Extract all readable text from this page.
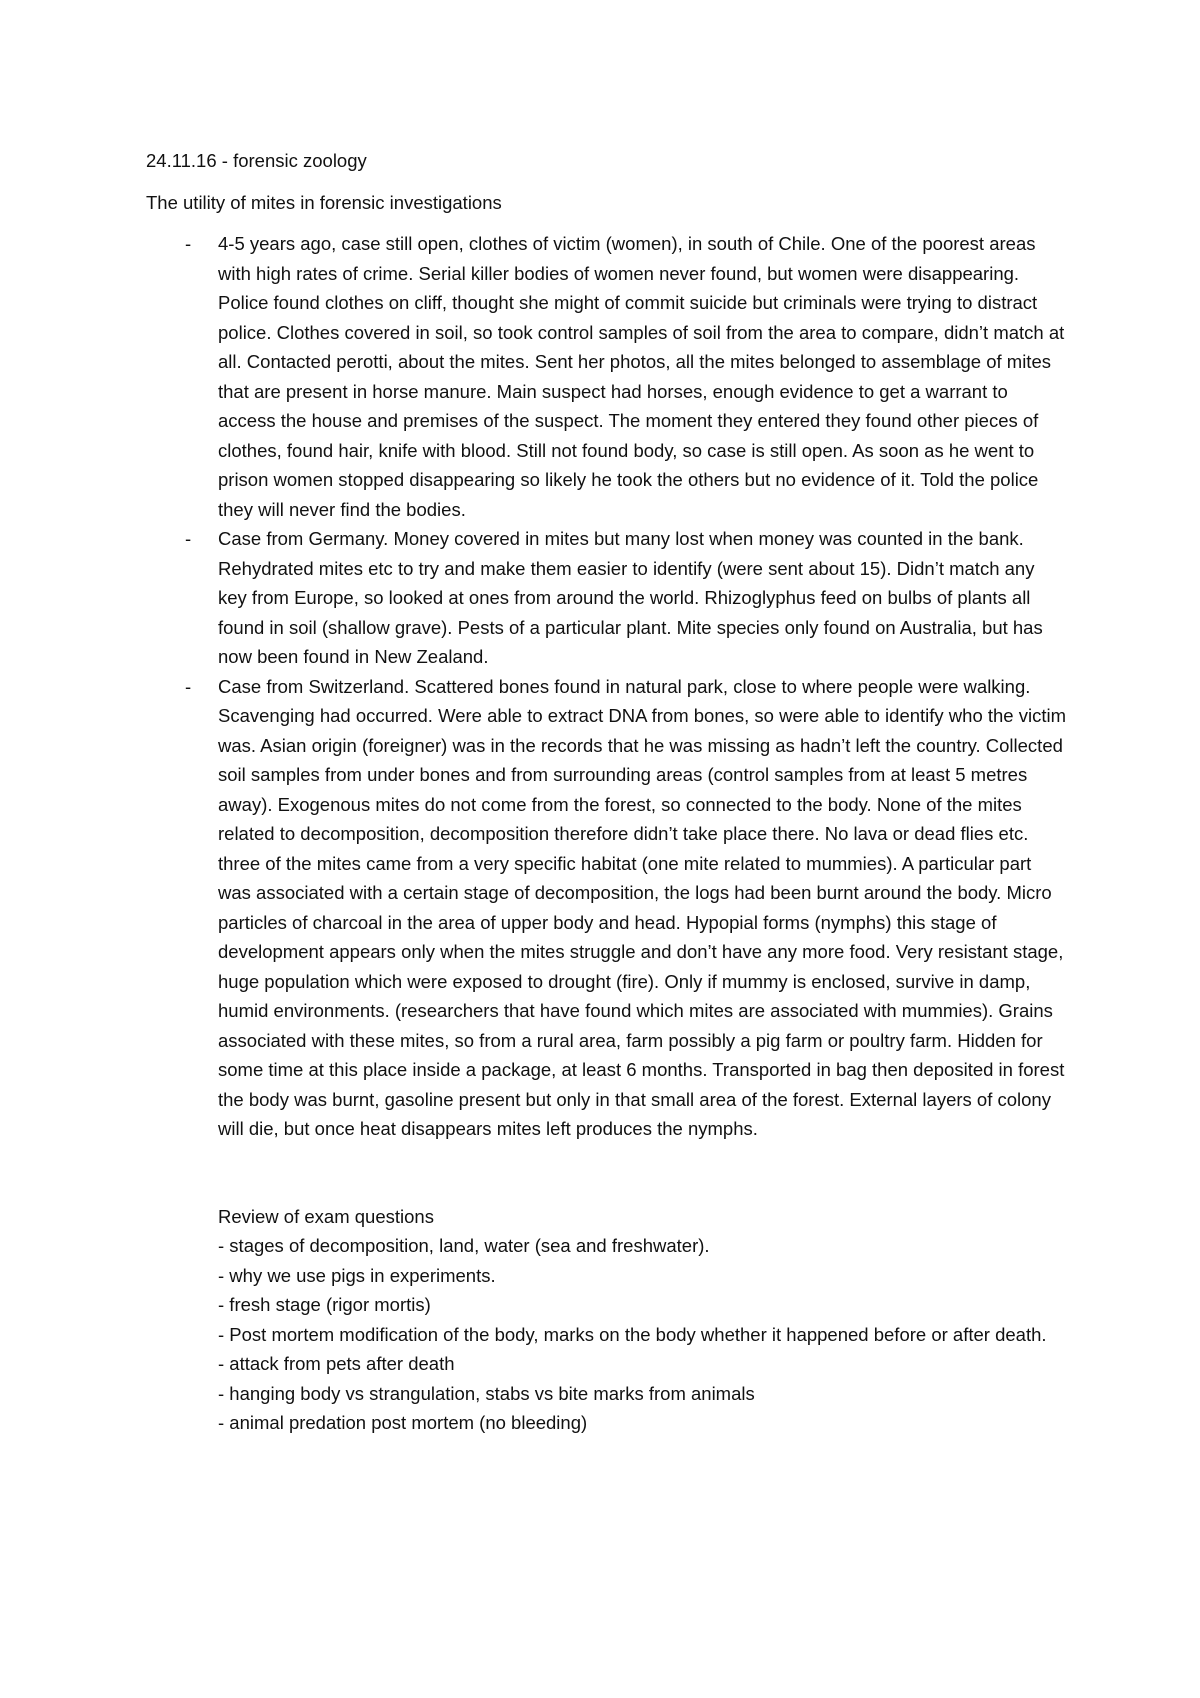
24.11.16 - forensic zoology

The utility of mites in forensic investigations

- 4-5 years ago, case still open, clothes of victim (women), in south of Chile. One of the poorest areas with high rates of crime. Serial killer bodies of women never found, but women were disappearing. Police found clothes on cliff, thought she might of commit suicide but criminals were trying to distract police. Clothes covered in soil, so took control samples of soil from the area to compare, didn’t match at all. Contacted perotti, about the mites. Sent her photos, all the mites belonged to assemblage of mites that are present in horse manure. Main suspect had horses, enough evidence to get a warrant to access the house and premises of the suspect. The moment they entered they found other pieces of clothes, found hair, knife with blood. Still not found body, so case is still open. As soon as he went to prison women stopped disappearing so likely he took the others but no evidence of it. Told the police they will never find the bodies.
- Case from Germany. Money covered in mites but many lost when money was counted in the bank. Rehydrated mites etc to try and make them easier to identify (were sent about 15). Didn’t match any key from Europe, so looked at ones from around the world. Rhizoglyphus feed on bulbs of plants all found in soil (shallow grave). Pests of a particular plant. Mite species only found on Australia, but has now been found in New Zealand.
- Case from Switzerland. Scattered bones found in natural park, close to where people were walking. Scavenging had occurred. Were able to extract DNA from bones, so were able to identify who the victim was. Asian origin (foreigner) was in the records that he was missing as hadn’t left the country. Collected soil samples from under bones and from surrounding areas (control samples from at least 5 metres away). Exogenous mites do not come from the forest, so connected to the body. None of the mites related to decomposition, decomposition therefore didn’t take place there. No lava or dead flies etc. three of the mites came from a very specific habitat (one mite related to mummies). A particular part was associated with a certain stage of decomposition, the logs had been burnt around the body. Micro particles of charcoal in the area of upper body and head. Hypopial forms (nymphs) this stage of development appears only when the mites struggle and don’t have any more food. Very resistant stage, huge population which were exposed to drought (fire). Only if mummy is enclosed, survive in damp, humid environments. (researchers that have found which mites are associated with mummies). Grains associated with these mites, so from a rural area, farm possibly a pig farm or poultry farm. Hidden for some time at this place inside a package, at least 6 months. Transported in bag then deposited in forest the body was burnt, gasoline present but only in that small area of the forest. External layers of colony will die, but once heat disappears mites left produces the nymphs.

Review of exam questions

- stages of decomposition, land, water (sea and freshwater).
- why we use pigs in experiments.
- fresh stage (rigor mortis)
- Post mortem modification of the body, marks on the body whether it happened before or after death.
- attack from pets after death
- hanging body vs strangulation, stabs vs bite marks from animals
- animal predation post mortem (no bleeding)
